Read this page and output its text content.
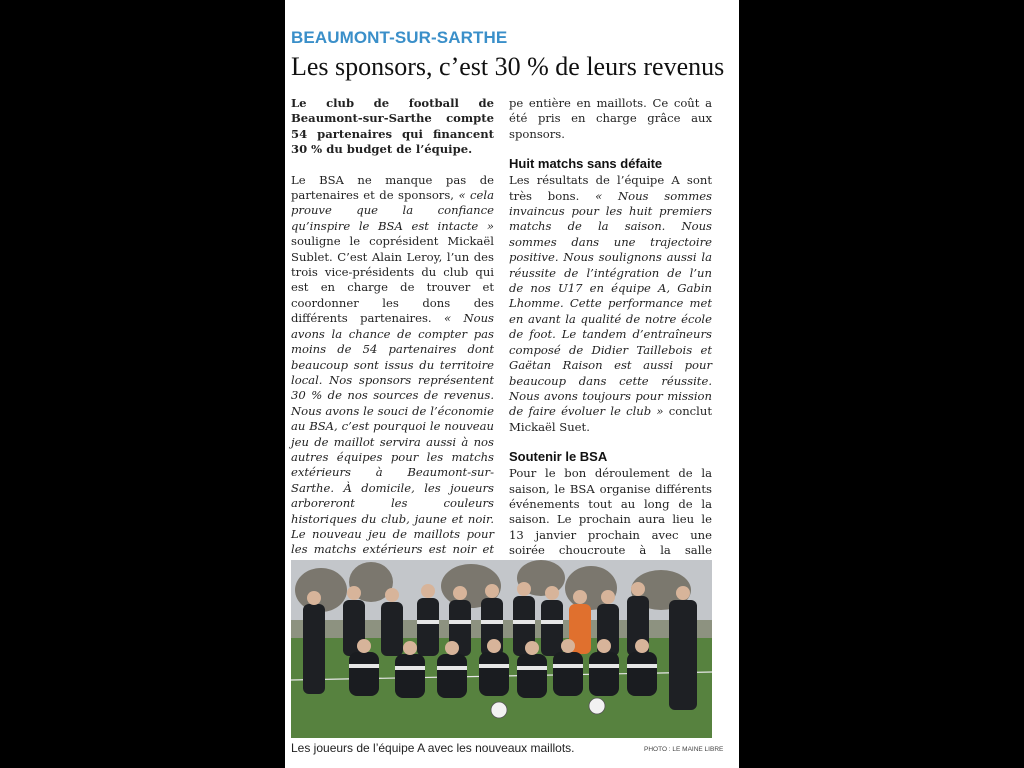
BEAUMONT-SUR-SARTHE
Les sponsors, c’est 30 % de leurs revenus

Le club de football de Beaumont-sur-Sarthe compte 54 partenaires qui financent 30 % du budget de l’équipe.

Le BSA ne manque pas de partenaires et de sponsors, « cela prouve que la confiance qu’inspire le BSA est intacte » souligne le coprésident Mickaël Sublet. C’est Alain Leroy, l’un des trois vice-présidents du club qui est en charge de trouver et coordonner les dons des différents partenaires. « Nous avons la chance de compter pas moins de 54 partenaires dont beaucoup sont issus du territoire local. Nos sponsors représentent 30 % de nos sources de revenus. Nous avons le souci de l’économie au BSA, c’est pourquoi le nouveau jeu de maillot servira aussi à nos autres équipes pour les matchs extérieurs à Beaumont-sur-Sarthe. À domicile, les joueurs arboreront les couleurs historiques du club, jaune et noir. Le nouveau jeu de maillots pour les matchs extérieurs est noir et

pe entière en maillots. Ce coût a été pris en charge grâce aux sponsors.

Huit matchs sans défaite

Les résultats de l’équipe A sont très bons. « Nous sommes invaincus pour les huit premiers matchs de la saison. Nous sommes dans une trajectoire positive. Nous soulignons aussi la réussite de l’intégration de l’un de nos U17 en équipe A, Gabin Lhomme. Cette performance met en avant la qualité de notre école de foot. Le tandem d’entraîneurs composé de Didier Taillebois et Gaëtan Raison est aussi pour beaucoup dans cette réussite. Nous avons toujours pour mission de faire évoluer le club » conclut Mickaël Suet.

Soutenir le BSA

Pour le bon déroulement de la saison, le BSA organise différents événements tout au long de la saison. Le prochain aura lieu le 13 janvier prochain avec une soirée choucroute à la salle

Les joueurs de l’équipe A avec les nouveaux maillots.	PHOTO : LE MAINE LIBRE
